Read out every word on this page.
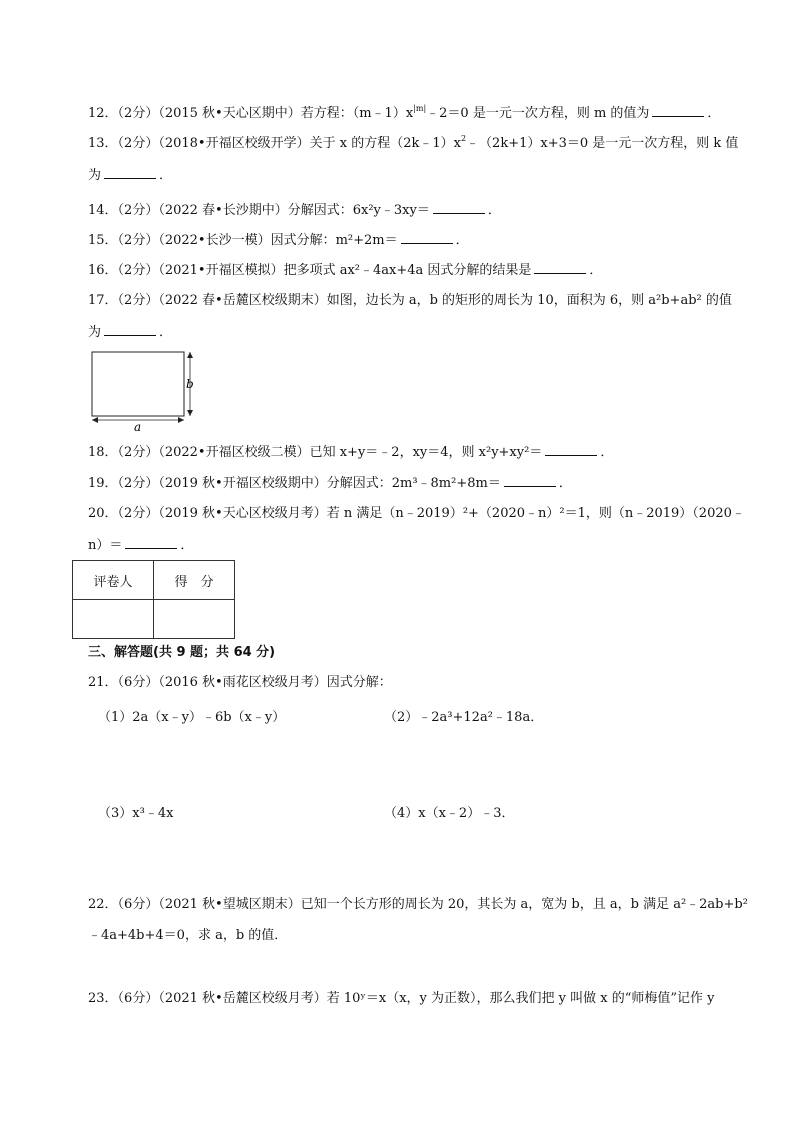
12．（2分）（2015 秋•天心区期中）若方程：$(m﹣1)x^{|m|}﹣2=0$ 是一元一次方程，则 m 的值为	．
13．（2分）（2018•开福区校级开学）关于 x 的方程$(2k﹣1)x^2﹣(2k+1)x+3=0$ 是一元一次方程，则 k 值
为	．
14．（2分）（2022 春•长沙期中）分解因式：6x²y﹣3xy＝	．
15．（2分）（2022•长沙一模）因式分解：m²+2m＝	．
16．（2分）（2021•开福区模拟）把多项式 ax²﹣4ax+4a 因式分解的结果是	．
17．（2分）（2022 春•岳麓区校级期末）如图，边长为 a，b 的矩形的周长为 10，面积为 6，则 a²b+ab² 的值
为	．
b
a
18．（2分）（2022•开福区校级二模）已知 x+y＝﹣2，xy＝4，则 x²y+xy²＝	．
19．（2分）（2019 秋•开福区校级期中）分解因式：2m³﹣8m²+8m＝	．
20．（2分）（2019 秋•天心区校级月考）若 n 满足（n﹣2019）²+（2020﹣n）²＝1，则（n﹣2019）（2020﹣
n）＝	．
评卷人	得　分

三、解答题(共 9 题；共 64 分)
21．（6分）（2016 秋•雨花区校级月考）因式分解：
（1）2a（x﹣y）﹣6b（x﹣y）	（2）﹣2a³+12a²﹣18a．
（3）x³﹣4x	（4）x（x﹣2）﹣3．
22．（6分）（2021 秋•望城区期末）已知一个长方形的周长为 20，其长为 a，宽为 b，且 a，b 满足 a²﹣2ab+b²
﹣4a+4b+4＝0，求 a，b 的值．
23．（6分）（2021 秋•岳麓区校级月考）若 10ʸ＝x（x，y 为正数），那么我们把 y 叫做 x 的“师梅值”记作 y
